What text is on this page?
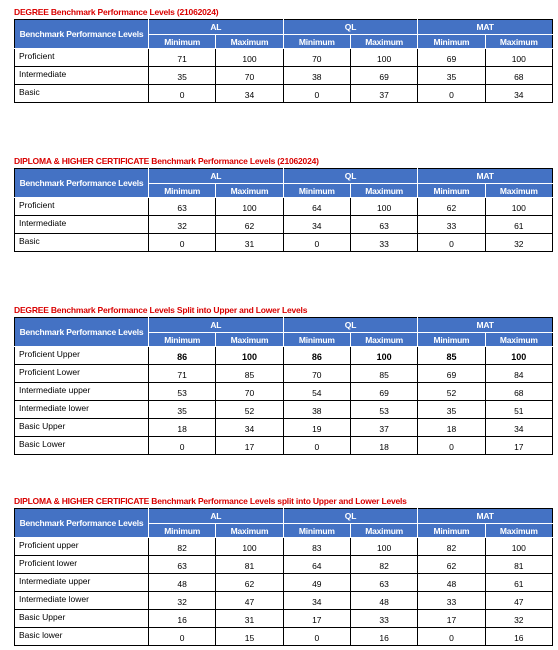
DEGREE Benchmark Performance Levels (21062024)
Benchmark Performance Levels	AL		QL		MAT	
	Minimum	Maximum	Minimum	Maximum	Minimum	Maximum
Proficient	71	100	70	100	69	100
Intermediate	35	70	38	69	35	68
Basic	0	34	0	37	0	34
DIPLOMA & HIGHER CERTIFICATE Benchmark Performance Levels (21062024)
Benchmark Performance Levels	AL		QL		MAT	
	Minimum	Maximum	Minimum	Maximum	Minimum	Maximum
Proficient	63	100	64	100	62	100
Intermediate	32	62	34	63	33	61
Basic	0	31	0	33	0	32
DEGREE Benchmark Performance Levels Split into Upper and Lower Levels
Benchmark Performance Levels	AL		QL		MAT	
	Minimum	Maximum	Minimum	Maximum	Minimum	Maximum
Proficient Upper	86	100	86	100	85	100
Proficient Lower	71	85	70	85	69	84
Intermediate upper	53	70	54	69	52	68
Intermediate lower	35	52	38	53	35	51
Basic Upper	18	34	19	37	18	34
Basic Lower	0	17	0	18	0	17
DIPLOMA & HIGHER CERTIFICATE Benchmark Performance Levels split into Upper and Lower Levels
Benchmark Performance Levels	AL		QL		MAT	
	Minimum	Maximum	Minimum	Maximum	Minimum	Maximum
Proficient upper	82	100	83	100	82	100
Proficient lower	63	81	64	82	62	81
Intermediate upper	48	62	49	63	48	61
Intermediate lower	32	47	34	48	33	47
Basic Upper	16	31	17	33	17	32
Basic lower	0	15	0	16	0	16
